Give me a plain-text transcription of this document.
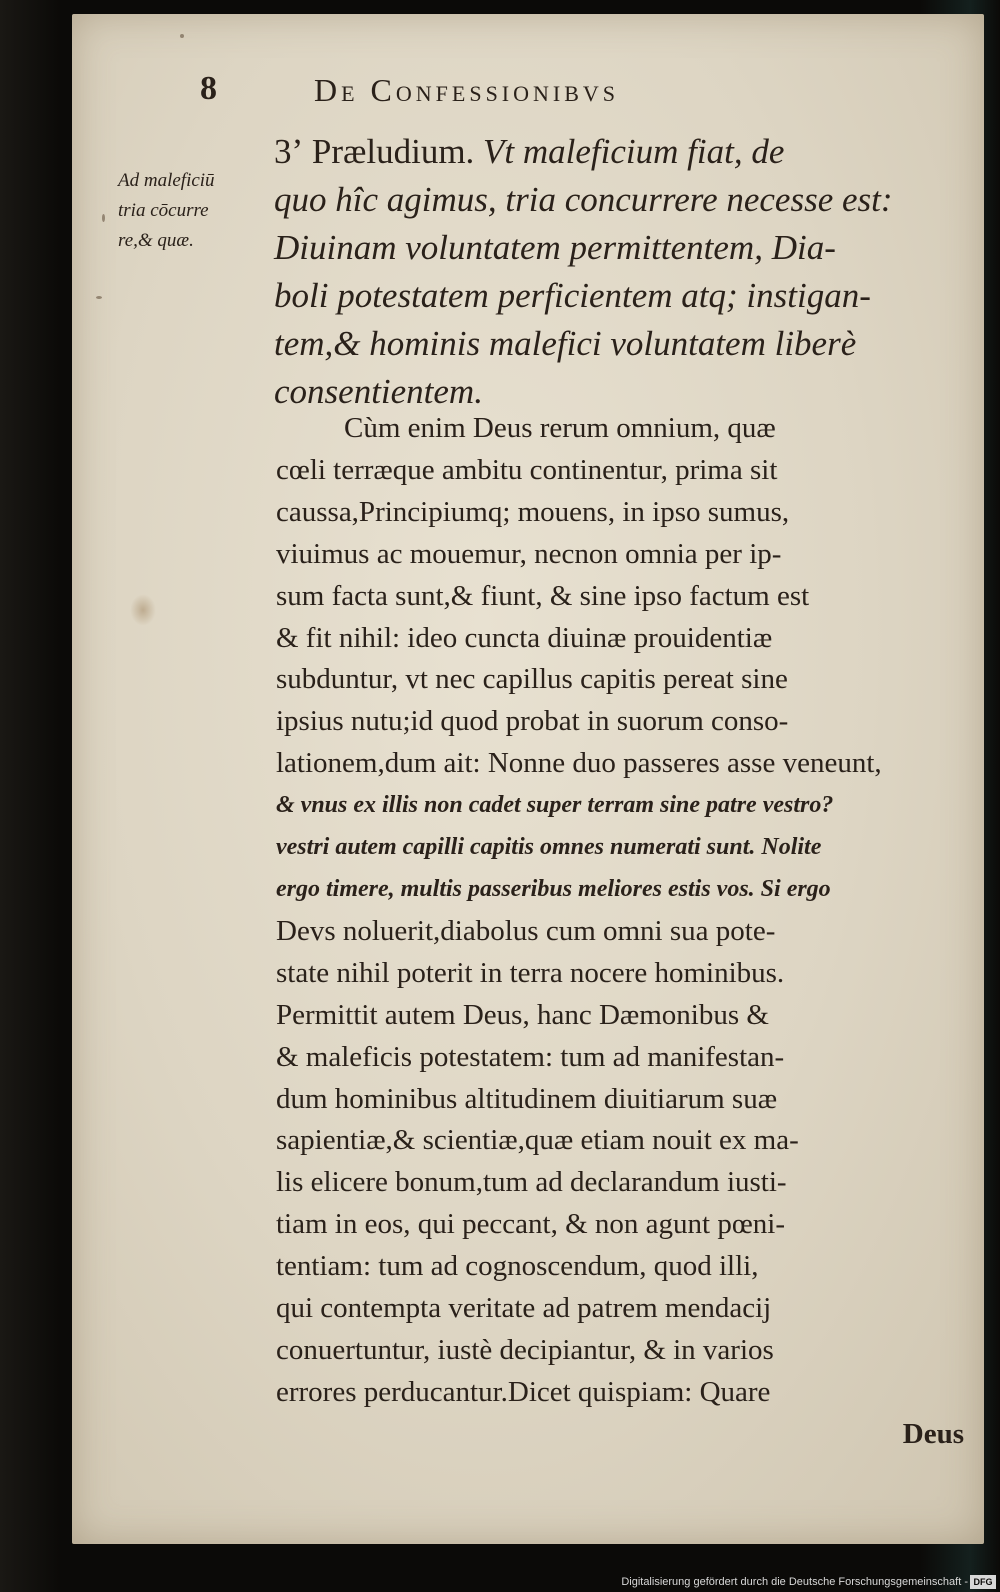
8	De Confessionibvs
Ad maleficiū
tria cōcurre
re,& quæ.
3ʼ Præludium. Vt maleficium fiat, de
quo hîc agimus, tria concurrere necesse est:
Diuinam voluntatem permittentem, Dia-
boli potestatem perficientem atq; instigan-
tem,& hominis malefici voluntatem liberè
consentientem.
Cùm enim Deus rerum omnium, quæ
cœli terræque ambitu continentur, prima sit
caussa,Principiumq; mouens, in ipso sumus,
viuimus ac mouemur, necnon omnia per ip-
sum facta sunt,& fiunt, & sine ipso factum est
& fit nihil: ideo cuncta diuinæ prouidentiæ
subduntur, vt nec capillus capitis pereat sine
ipsius nutu;id quod probat in suorum conso-
lationem,dum ait: Nonne duo passeres asse veneunt,
& vnus ex illis non cadet super terram sine patre vestro?
vestri autem capilli capitis omnes numerati sunt. Nolite
ergo timere, multis passeribus meliores estis vos. Si ergo
Devs noluerit,diabolus cum omni sua pote-
state nihil poterit in terra nocere hominibus.
Permittit autem Deus, hanc Dæmonibus &
& maleficis potestatem: tum ad manifestan-
dum hominibus altitudinem diuitiarum suæ
sapientiæ,& scientiæ,quæ etiam nouit ex ma-
lis elicere bonum,tum ad declarandum iusti-
tiam in eos, qui peccant, & non agunt pœni-
tentiam: tum ad cognoscendum, quod illi,
qui contempta veritate ad patrem mendacij
conuertuntur, iustè decipiantur, & in varios
errores perducantur.Dicet quispiam: Quare
Deus
Digitalisierung gefördert durch die Deutsche Forschungsgemeinschaft - DFG
